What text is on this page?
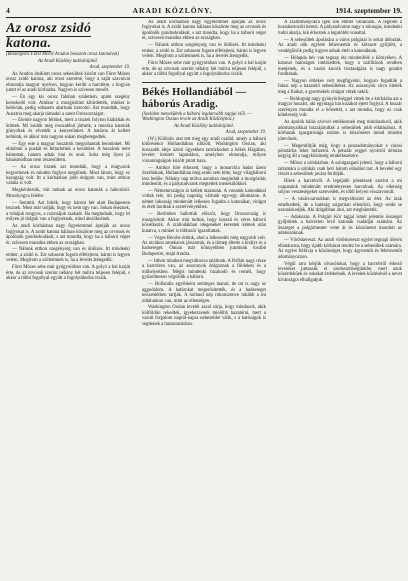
4	ARADI KÖZLÖNY.	1914. szeptember 19.
Az orosz zsidó katona.

(Beszélgetés Fürst Mórié Aradon bosozott orosz katonával)

Az Aradi Közlöny tudósítójától.

Arad, szeptember 19.

Az Aradon átsiklott orosz sebesültek között van Fürst Mózes orosz zsidó katona, aki most szeretné, hogy a saját szavaival elmondja magyar nyelven, hogyan került a harctérre, s hogyan jutott el az aradi kórházba. Nagyon is szívesen mesélt.

— Én egy kis orosz faluban születtem, apám szegény kereskedő volt. Amikor a mozgósítást kihirdették, minket is behívtak, pedig sohasem akartunk harcolni. Azt mondták, hogy Ausztria meg akarja támadni a szent Oroszországot.

— Eleinte nagyon féltünk, mert a tisztek folyton kiabáltak és ütöttek. Mi zsidók még rosszabbul jártunk, a muszka katonák gúnyoltak és elvették a kenyerünket. A határon át kellett kelnünk, és akkor már nagyon sokan megbetegedtek.

— Egy este a magyar huszárok megrohantak bennünket. Mi eldobtuk a puskát és feltartottuk a kezünket. A huszárok nem bántottak, hanem adtak inni és enni. Soha még ilyen jó bánásmódban nem részesültem.

— Az orosz tisztek azt mondták, hogy a magyarok kegyetlenek és minden foglyot megölnek. Most látom, hogy ez hazugság volt. Itt a kórházban jobb dolgom van, mint otthon valaha is volt.

Megkérdeztük, mit tudnak az orosz katonák a háborúról. Mosolyogva felelte:

— Semmit. Azt hitték, hogy három hét alatt Budapesten lesznek. Most már tudják, hogy ez nem úgy van. Sokan éheznek, a ruhájuk rongyos, a csizmájuk szakadt. Ha megtudnák, hogy itt milyen jó dolguk van a foglyoknak, mind átszöknének.

Az aradi kórházban nagy figyelemmel ápolják az orosz foglyokat is. A zsidó katona hálásan köszönte meg az orvosok és ápolónők gondoskodását, s azt mondta, hogy ha a háború véget ér, szívesen maradna ebben az országban.

— Nálunk otthon szegénység van és üldözés. Itt mindenki ember, a zsidó is. Ezt sohasem fogom elfelejteni, bármi is legyen velem. Megírom a szüleimnek is, ha a levelet átengedik.

Fürst Mózes sebe már gyógyulóban van. A golyó a bal karját érte, de az orvosok szerint néhány hét múlva teljesen felépül, s akkor a többi fogollyal együtt a fogolytáborba viszik.

Az aradi kórházban nagy figyelemmel ápolják az orosz foglyokat is. A zsidó katona hálásan köszönte meg az orvosok és ápolónők gondoskodását, s azt mondta, hogy ha a háború véget ér, szívesen maradna ebben az országban.

— Nálunk otthon szegénység van és üldözés. Itt mindenki ember, a zsidó is. Ezt sohasem fogom elfelejteni, bármi is legyen velem. Megírom a szüleimnek is, ha a levelet átengedik.

Fürst Mózes sebe már gyógyulóban van. A golyó a bal karját érte, de az orvosok szerint néhány hét múlva teljesen felépül, s akkor a többi fogollyal együtt a fogolytáborba viszik.

Békés Hollandiából — háborús Aradig.

(Szeliden menekültek a háború legdurvább napjai elől. — Washington Ossian levele az Aradi Közlönyhöz.)

Az Aradi Közlöny tudósítójától.

Arad, szeptember 19.

(W.) Különös utat tett meg egy aradi család, amely a háború kitörésekor Hollandiában időzött. Washington Ossian, aki hosszabb ideje üzleti ügyekben tartózkodott a békés Hágában, levelet intézett lapunkhoz, amelyben elmondja, milyen viszontagságok között jutott haza.

— Amikor híre érkezett, hogy a monarchia hadat üzent Szerbiának, Hollandiában még senki sem hitte, hogy világháború lesz belőle. Néhány nap múlva azonban megindult a mozgósítás mindenütt, és a pályaudvarok megteltek menekülőkkel.

— Németországon át kellett utaznunk. A vonatok katonákkal voltak tele, mi pedig napokig vártunk egy-egy állomáson. A német lakosság mindenütt lelkesen fogadta a katonákat, virágot és ételt hordtak a szerelvényekhez.

— Berlinben hallottuk először, hogy Oroszország is mozgósított. Akkor már tudtuk, hogy hosszú és véres háború következik. A szállodákban idegeneket kerestek kémek után kutatva, s minket is többször igazoltattak.

— Végre Bécsbe értünk, ahol a lelkesedés még nagyobb volt. Az utcákon zenekarok játszottak, és a tömeg éltette a királyt és a hadsereget. Onnan már könnyebben jutottunk tovább Budapestre, majd Aradra.

— Itthon mindent megváltozva találtunk. A férfiak nagy része a harctéren van, az asszonyok dolgoznak a földeken és a műhelyekben. Mégis mindenki bizakodó és reméli, hogy győzelmesen végződik a háború.

— Hollandia egyébként semleges marad, de ott is nagy az aggodalom. A határokat megerősítették, és a hadsereget készenlétben tartják. A holland nép rokonszenve inkább a mi oldalunkon van, mint az ellenségen.

Washington Ossian levelét azzal zárja, hogy mindazok, akik külföldön rekedtek, igyekezzenek mielőbb hazatérni, mert a vasúti forgalom napról-napra nehezebbé válik, s a hatóságok is segítenek a hazautazásban.

A szállítmányokra igen sok ember várakozik. A legtöbb a hozzátartozóit keresi. A pályaudvaron nagy a tolongás, mindenki tudni akarja, kik érkeztek a legutóbbi vonattal.

— A sebesültek ápolására a város polgárai is sokat áldoztak. Az aradi nők egylete fehérneműt és kötszert gyűjtött, a vendéglősök pedig ingyen adnak ételt a katonáknak.

— Hólapda hév van tegnap óta mindenfelé a környéken. A katonai hatóságok intézkedtek, hogy a szállítások rendben menjenek, és a vasúti kocsik tisztaságára is nagy gondot fordítanak.

— Nagyon érdekes volt megfigyelni, hogyan fogadták a falusi nép a hazatérő sebesülteket. Az asszonyok sírva ölelték meg a fiaikat, a gyermekek virágot vittek nekik.

— Boldogság nagy gyönyörűséggel vittek be a kórházba azt a magyar huszárt, aki egymaga hat kozákot ejtett foglyul. A huszár szerényen mondta el a hőstettét, s azt mondta, hogy ez csak kötelesség volt.

Az ápolók hálás szívvel emlékeznek meg mindazokról, akik adományaikkal hozzájárultak a sebesültek jobb ellátásához. A kórházak igazgatósága ezúton is köszönetet mond minden jótevőnek.

— Megemlítjük még, hogy a pénzadományokat a városi pénztárba lehet befizetni. A pénztár reggel nyolctól délután négyig áll a nagyközönség rendelkezésére.

— Műsor a színházban. A színigazgató jelenti, hogy a háború tartamára a színház csak heti három előadást tart. A bevétel egy részét a sebesültek javára fordítják.

Hírek a harctérről. A legújabb jelentések szerint a mi csapataink mindenütt eredményesen harcolnak. Az ellenség súlyos veszteségeket szenvedett, és több helyen visszavonult.

— A vásárcsarnokban is megváltozott az élet. Az árak emelkedtek, de a hatóság szigorúan ellenőrzi, hogy senki se uzsoráskodjék. Aki drágábban árul, azt megbüntetik.

— Adakozás. A Polgári Kör tagjai ismét jelentős összeget gyűjtöttek a harctéren levő katonák családjai számára. Az összeget a polgármester vette át és köszönetet mondott az adakozóknak.

— Vöröskereszt. Az aradi vöröskereszt egylet tegnapi ülésén elhatározta, hogy újabb kórházat rendez be a sebesültek számára. Az egylet felhívja a közönséget, hogy ágyneműt és fehérneműt adományozzon.

Végül arra kérjük olvasóinkat, hogy a harctérről érkező leveleket juttassák el szerkesztőségünkbe, mert azok közérdekűek és sokakat érdekelnek. A levelek közlésénél a nevet kívánságra elhallgatjuk.
